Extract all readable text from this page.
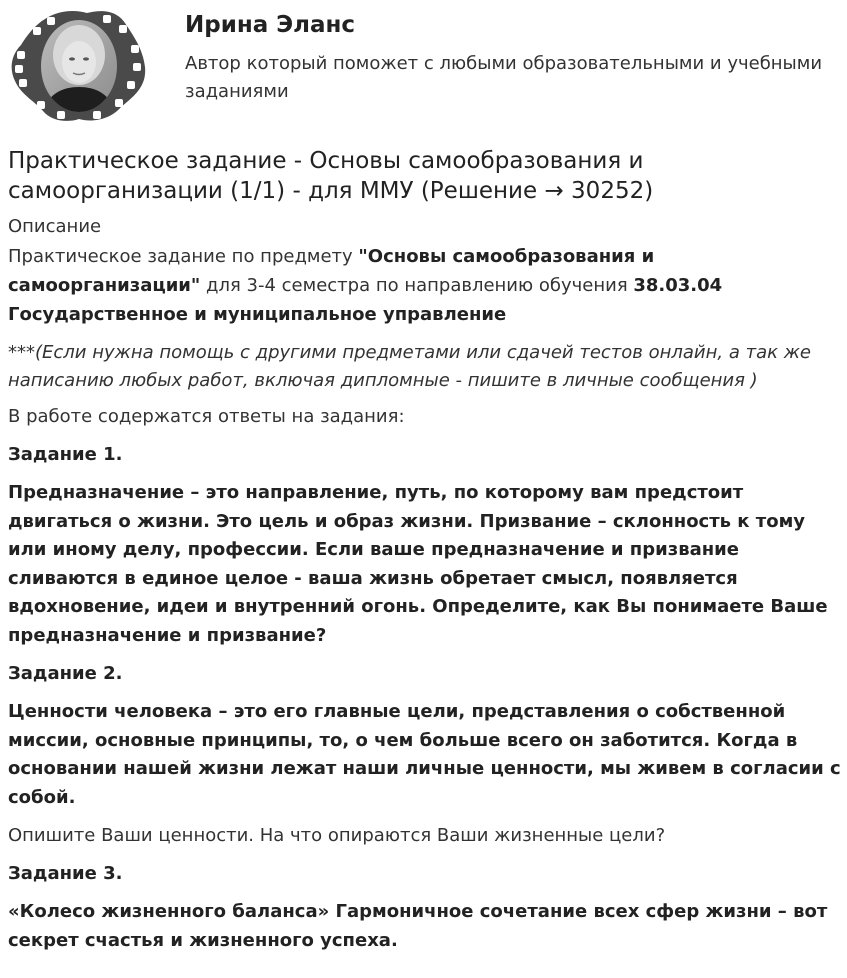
Ирина Эланс
Автор который поможет с любыми образовательными и учебными заданиями
Практическое задание - Основы самообразования и самоорганизации (1/1) - для ММУ (Решение → 30252)
Описание

Практическое задание по предмету "Основы самообразования и самоорганизации" для 3-4 семестра по направлению обучения 38.03.04 Государственное и муниципальное управление

***(Если нужна помощь с другими предметами или сдачей тестов онлайн, а так же написанию любых работ, включая дипломные - пишите в личные сообщения )

В работе содержатся ответы на задания:

Задание 1.

Предназначение – это направление, путь, по которому вам предстоит двигаться о жизни. Это цель и образ жизни. Призвание – склонность к тому или иному делу, профессии. Если ваше предназначение и призвание сливаются в единое целое - ваша жизнь обретает смысл, появляется вдохновение, идеи и внутренний огонь. Определите, как Вы понимаете Ваше предназначение и призвание?

Задание 2.

Ценности человека – это его главные цели, представления о собственной миссии, основные принципы, то, о чем больше всего он заботится. Когда в основании нашей жизни лежат наши личные ценности, мы живем в согласии с собой.

Опишите Ваши ценности. На что опираются Ваши жизненные цели?

Задание 3.

«Колесо жизненного баланса» Гармоничное сочетание всех сфер жизни – вот секрет счастья и жизненного успеха.
